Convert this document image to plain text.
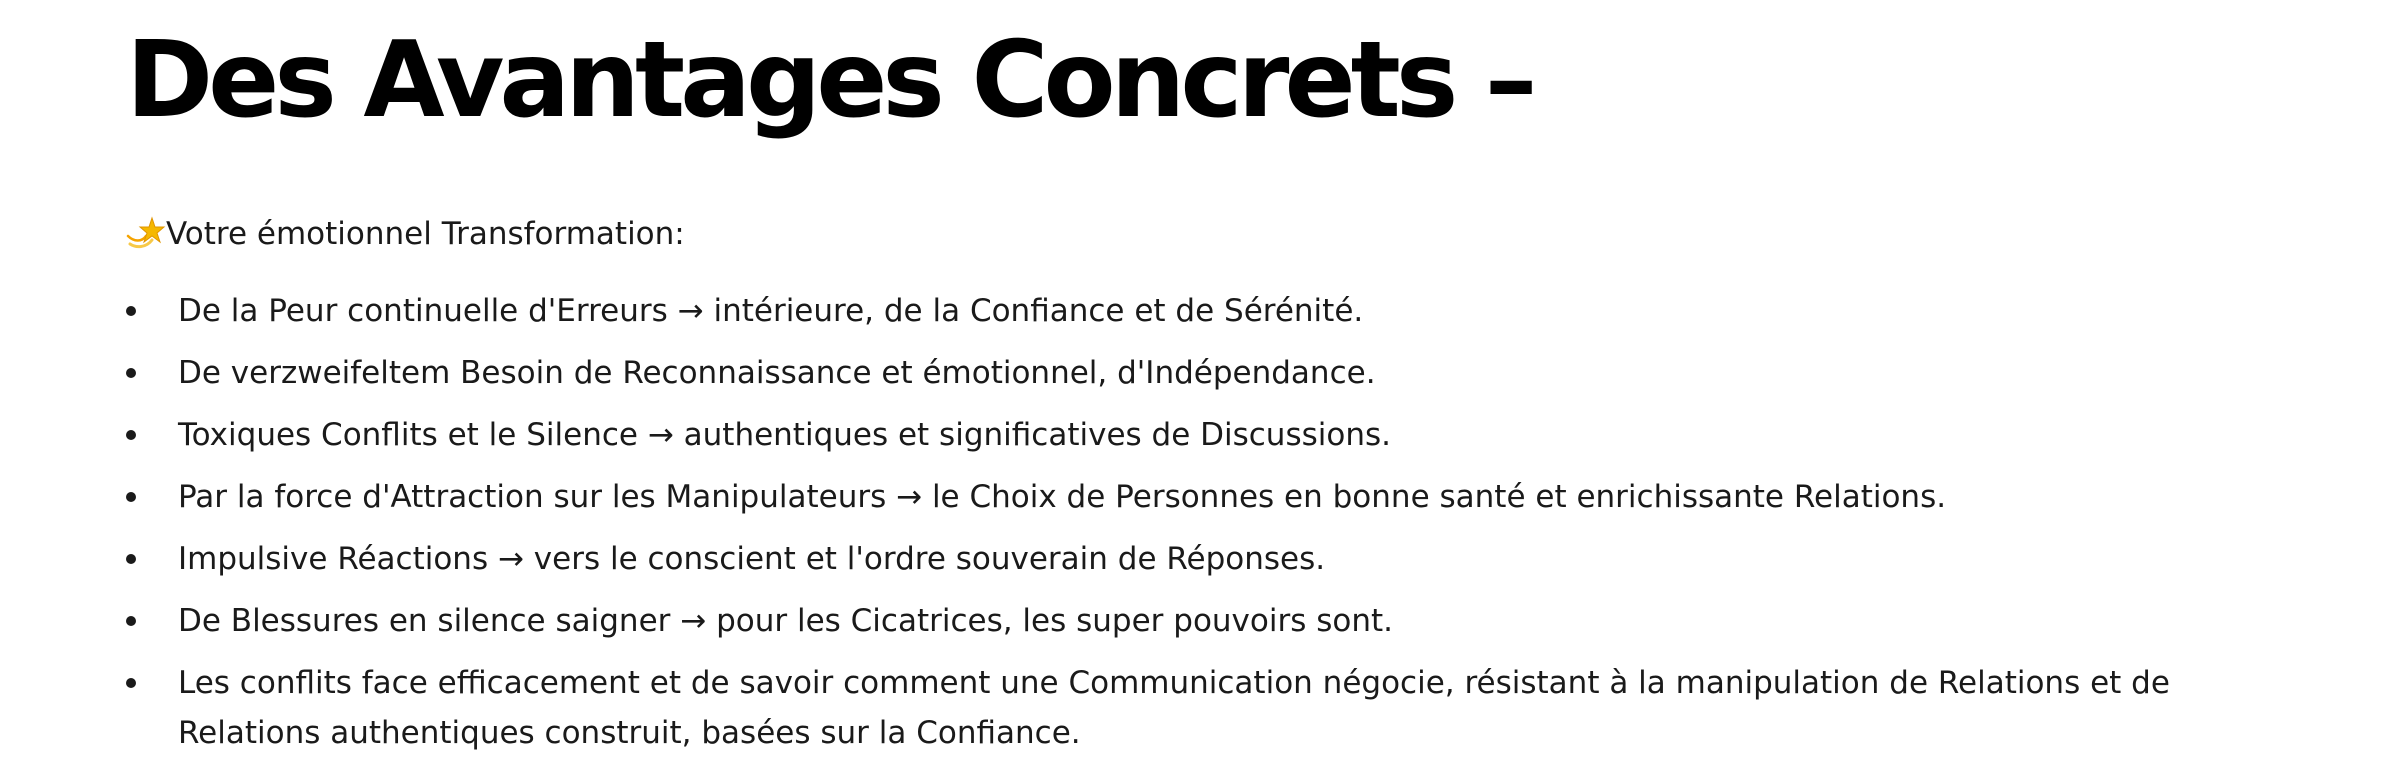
Des Avantages Concrets –
Votre émotionnel Transformation:
De la Peur continuelle d'Erreurs → intérieure, de la Confiance et de Sérénité.
De verzweifeltem Besoin de Reconnaissance et émotionnel, d'Indépendance.
Toxiques Conflits et le Silence → authentiques et significatives de Discussions.
Par la force d'Attraction sur les Manipulateurs → le Choix de Personnes en bonne santé et enrichissante Relations.
Impulsive Réactions → vers le conscient et l'ordre souverain de Réponses.
De Blessures en silence saigner → pour les Cicatrices, les super pouvoirs sont.
Les conflits face efficacement et de savoir comment une Communication négocie, résistant à la manipulation de Relations et de Relations authentiques construit, basées sur la Confiance.
